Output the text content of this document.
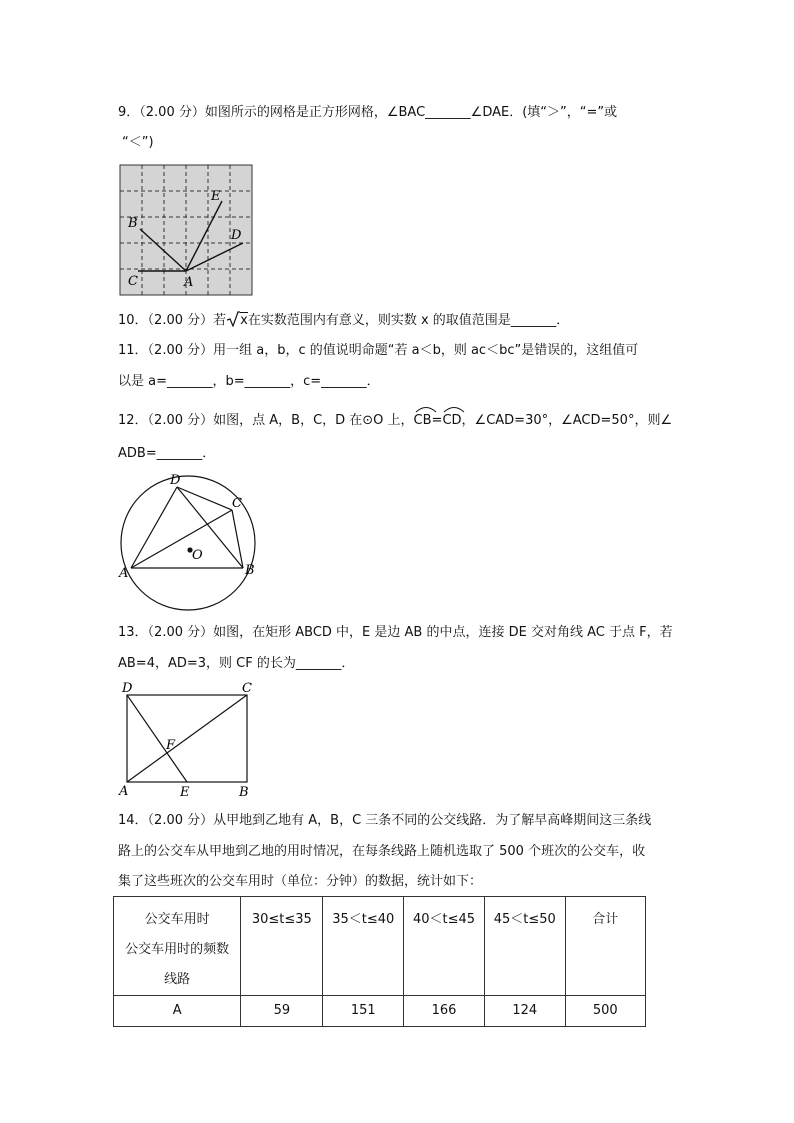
9．（2.00 分）如图所示的网格是正方形网格，∠BAC_______∠DAE．(填“＞”，“=”或
“＜”)
B
C	A
E
D
10．（2.00 分）若 x在实数范围内有意义，则实数 x 的取值范围是_______．
11．（2.00 分）用一组 a，b，c 的值说明命题“若 a＜b，则 ac＜bc”是错误的，这组值可
以是 a=_______，b=_______，c=_______．
12．（2.00 分）如图，点 A，B，C，D 在⊙O 上，
CB=
CD，∠CAD=30°，∠ACD=50°，则∠
ADB=_______．
O
D
C
A	B
13．（2.00 分）如图，在矩形 ABCD 中，E 是边 AB 的中点，连接 DE 交对角线 AC 于点 F，若
AB=4，AD=3，则 CF 的长为_______．
D	C
F
A	E	B
14．（2.00 分）从甲地到乙地有 A，B，C 三条不同的公交线路．为了解早高峰期间这三条线
路上的公交车从甲地到乙地的用时情况，在每条线路上随机选取了 500 个班次的公交车，收
集了这些班次的公交车用时（单位：分钟）的数据，统计如下：
公交车用时
公交车用时的频数
线路	30≤t≤35	35＜t≤40	40＜t≤45	45＜t≤50	合计
A	59	151	166	124	500
